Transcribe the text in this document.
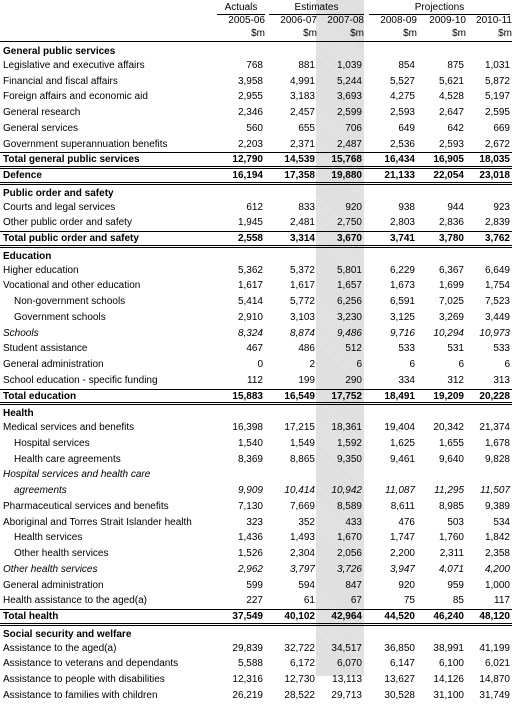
Actuals	Estimates	Projections
2005-06	2006-07	2007-08	2008-09	2009-10	2010-11
$m	$m	$m	$m	$m	$m
General public services
Legislative and executive affairs	768	881	1,039	854	875	1,031
Financial and fiscal affairs	3,958	4,991	5,244	5,527	5,621	5,872
Foreign affairs and economic aid	2,955	3,183	3,693	4,275	4,528	5,197
General research	2,346	2,457	2,599	2,593	2,647	2,595
General services	560	655	706	649	642	669
Government superannuation benefits	2,203	2,371	2,487	2,536	2,593	2,672
Total general public services	12,790	14,539	15,768	16,434	16,905	18,035
Defence	16,194	17,358	19,880	21,133	22,054	23,018
Public order and safety
Courts and legal services	612	833	920	938	944	923
Other public order and safety	1,945	2,481	2,750	2,803	2,836	2,839
Total public order and safety	2,558	3,314	3,670	3,741	3,780	3,762
Education
Higher education	5,362	5,372	5,801	6,229	6,367	6,649
Vocational and other education	1,617	1,617	1,657	1,673	1,699	1,754
Non-government schools	5,414	5,772	6,256	6,591	7,025	7,523
Government schools	2,910	3,103	3,230	3,125	3,269	3,449
Schools	8,324	8,874	9,486	9,716	10,294	10,973
Student assistance	467	486	512	533	531	533
General administration	0	2	6	6	6	6
School education - specific funding	112	199	290	334	312	313
Total education	15,883	16,549	17,752	18,491	19,209	20,228
Health
Medical services and benefits	16,398	17,215	18,361	19,404	20,342	21,374
Hospital services	1,540	1,549	1,592	1,625	1,655	1,678
Health care agreements	8,369	8,865	9,350	9,461	9,640	9,828
Hospital services and health care
agreements	9,909	10,414	10,942	11,087	11,295	11,507
Pharmaceutical services and benefits	7,130	7,669	8,589	8,611	8,985	9,389
Aboriginal and Torres Strait Islander health	323	352	433	476	503	534
Health services	1,436	1,493	1,670	1,747	1,760	1,842
Other health services	1,526	2,304	2,056	2,200	2,311	2,358
Other health services	2,962	3,797	3,726	3,947	4,071	4,200
General administration	599	594	847	920	959	1,000
Health assistance to the aged(a)	227	61	67	75	85	117
Total health	37,549	40,102	42,964	44,520	46,240	48,120
Social security and welfare
Assistance to the aged(a)	29,839	32,722	34,517	36,850	38,991	41,199
Assistance to veterans and dependants	5,588	6,172	6,070	6,147	6,100	6,021
Assistance to people with disabilities	12,316	12,730	13,113	13,627	14,126	14,870
Assistance to families with children	26,219	28,522	29,713	30,528	31,100	31,749
